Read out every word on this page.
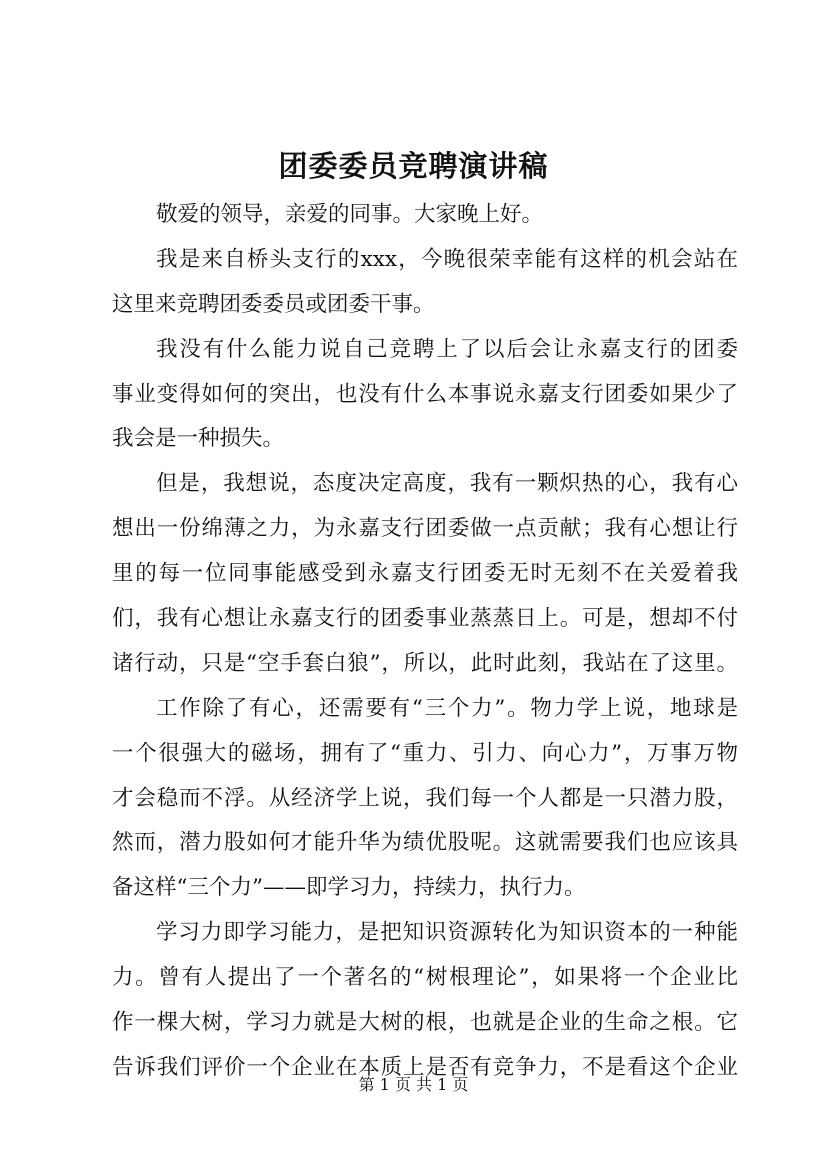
团委委员竞聘演讲稿
敬爱的领导，亲爱的同事。大家晚上好。
我是来自桥头支行的xxx，今晚很荣幸能有这样的机会站在
这里来竞聘团委委员或团委干事。
我没有什么能力说自己竞聘上了以后会让永嘉支行的团委
事业变得如何的突出，也没有什么本事说永嘉支行团委如果少了
我会是一种损失。
但是，我想说，态度决定高度，我有一颗炽热的心，我有心
想出一份绵薄之力，为永嘉支行团委做一点贡献；我有心想让行
里的每一位同事能感受到永嘉支行团委无时无刻不在关爱着我
们，我有心想让永嘉支行的团委事业蒸蒸日上。可是，想却不付
诸行动，只是“空手套白狼”，所以，此时此刻，我站在了这里。
工作除了有心，还需要有“三个力”。物力学上说，地球是
一个很强大的磁场，拥有了“重力、引力、向心力”，万事万物
才会稳而不浮。从经济学上说，我们每一个人都是一只潜力股，
然而，潜力股如何才能升华为绩优股呢。这就需要我们也应该具
备这样“三个力”——即学习力，持续力，执行力。
学习力即学习能力，是把知识资源转化为知识资本的一种能
力。曾有人提出了一个著名的“树根理论”，如果将一个企业比
作一棵大树，学习力就是大树的根，也就是企业的生命之根。它
告诉我们评价一个企业在本质上是否有竞争力，不是看这个企业
第 1 页 共 1 页
